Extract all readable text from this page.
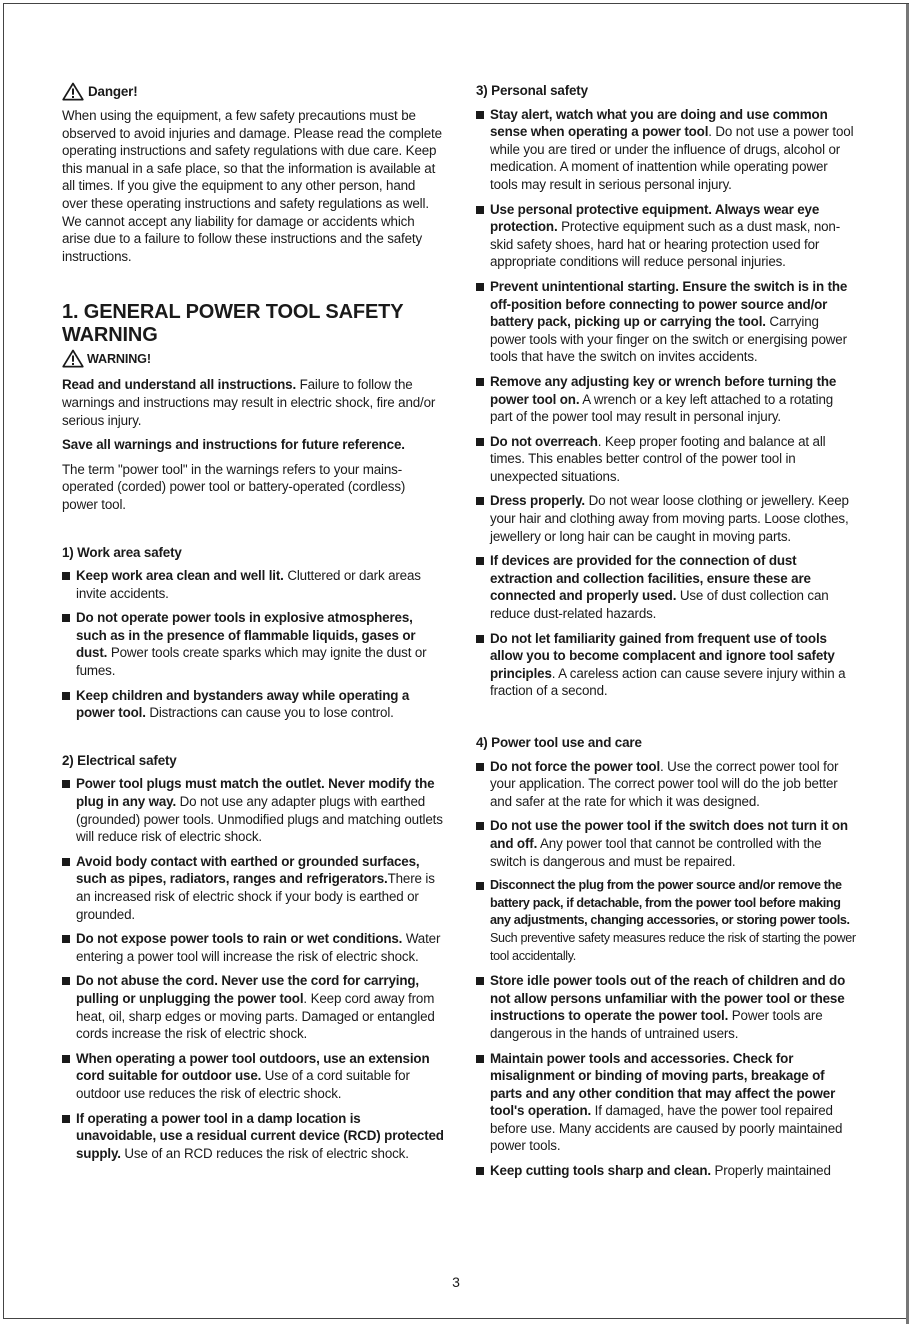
Danger!

When using the equipment, a few safety precautions must be observed to avoid injuries and damage. Please read the complete operating instructions and safety regulations with due care. Keep this manual in a safe place, so that the information is available at all times. If you give the equipment to any other person, hand over these operating instructions and safety regulations as well. We cannot accept any liability for damage or accidents which arise due to a failure to follow these instructions and the safety instructions.

1. GENERAL POWER TOOL SAFETY WARNING
WARNING!

Read and understand all instructions. Failure to follow the warnings and instructions may result in electric shock, fire and/or serious injury.

Save all warnings and instructions for future reference.

The term "power tool" in the warnings refers to your mains-operated (corded) power tool or battery-operated (cordless) power tool.

1) Work area safety
Keep work area clean and well lit. Cluttered or dark areas invite accidents.
Do not operate power tools in explosive atmospheres, such as in the presence of flammable liquids, gases or dust. Power tools create sparks which may ignite the dust or fumes.
Keep children and bystanders away while operating a power tool. Distractions can cause you to lose control.
2) Electrical safety
Power tool plugs must match the outlet. Never modify the plug in any way. Do not use any adapter plugs with earthed (grounded) power tools. Unmodified plugs and matching outlets will reduce risk of electric shock.
Avoid body contact with earthed or grounded surfaces, such as pipes, radiators, ranges and refrigerators.There is an increased risk of electric shock if your body is earthed or grounded.
Do not expose power tools to rain or wet conditions. Water entering a power tool will increase the risk of electric shock.
Do not abuse the cord. Never use the cord for carrying, pulling or unplugging the power tool. Keep cord away from heat, oil, sharp edges or moving parts. Damaged or entangled cords increase the risk of electric shock.
When operating a power tool outdoors, use an extension cord suitable for outdoor use. Use of a cord suitable for outdoor use reduces the risk of electric shock.
If operating a power tool in a damp location is unavoidable, use a residual current device (RCD) protected supply. Use of an RCD reduces the risk of electric shock.
3) Personal safety
Stay alert, watch what you are doing and use common sense when operating a power tool. Do not use a power tool while you are tired or under the influence of drugs, alcohol or medication. A moment of inattention while operating power tools may result in serious personal injury.
Use personal protective equipment. Always wear eye protection. Protective equipment such as a dust mask, non-skid safety shoes, hard hat or hearing protection used for appropriate conditions will reduce personal injuries.
Prevent unintentional starting. Ensure the switch is in the off-position before connecting to power source and/or battery pack, picking up or carrying the tool. Carrying power tools with your finger on the switch or energising power tools that have the switch on invites accidents.
Remove any adjusting key or wrench before turning the power tool on. A wrench or a key left attached to a rotating part of the power tool may result in personal injury.
Do not overreach. Keep proper footing and balance at all times. This enables better control of the power tool in unexpected situations.
Dress properly. Do not wear loose clothing or jewellery. Keep your hair and clothing away from moving parts. Loose clothes, jewellery or long hair can be caught in moving parts.
If devices are provided for the connection of dust extraction and collection facilities, ensure these are connected and properly used. Use of dust collection can reduce dust-related hazards.
Do not let familiarity gained from frequent use of tools allow you to become complacent and ignore tool safety principles. A careless action can cause severe injury within a fraction of a second.
4) Power tool use and care
Do not force the power tool. Use the correct power tool for your application. The correct power tool will do the job better and safer at the rate for which it was designed.
Do not use the power tool if the switch does not turn it on and off. Any power tool that cannot be controlled with the switch is dangerous and must be repaired.
Disconnect the plug from the power source and/or remove the battery pack, if detachable, from the power tool before making any adjustments, changing accessories, or storing power tools. Such preventive safety measures reduce the risk of starting the power tool accidentally.
Store idle power tools out of the reach of children and do not allow persons unfamiliar with the power tool or these instructions to operate the power tool. Power tools are dangerous in the hands of untrained users.
Maintain power tools and accessories. Check for misalignment or binding of moving parts, breakage of parts and any other condition that may affect the power tool's operation. If damaged, have the power tool repaired before use. Many accidents are caused by poorly maintained power tools.
Keep cutting tools sharp and clean. Properly maintained
3
